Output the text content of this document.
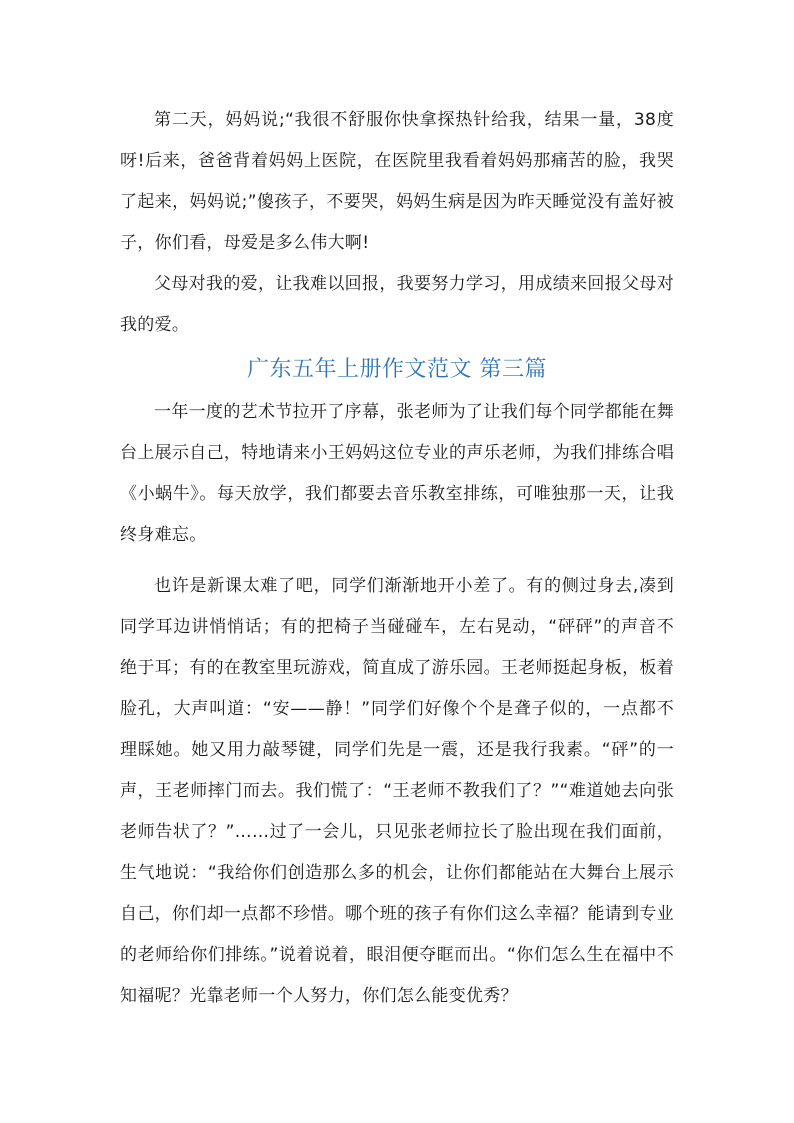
第二天，妈妈说;“我很不舒服你快拿探热针给我，结果一量，38度呀!后来，爸爸背着妈妈上医院，在医院里我看着妈妈那痛苦的脸，我哭了起来，妈妈说;”傻孩子，不要哭，妈妈生病是因为昨天睡觉没有盖好被子，你们看，母爱是多么伟大啊!

父母对我的爱，让我难以回报，我要努力学习，用成绩来回报父母对我的爱。

广东五年上册作文范文 第三篇

一年一度的艺术节拉开了序幕，张老师为了让我们每个同学都能在舞台上展示自己，特地请来小王妈妈这位专业的声乐老师，为我们排练合唱《小蜗牛》。每天放学，我们都要去音乐教室排练，可唯独那一天，让我终身难忘。

也许是新课太难了吧，同学们渐渐地开小差了。有的侧过身去,凑到同学耳边讲悄悄话；有的把椅子当碰碰车，左右晃动，“砰砰”的声音不绝于耳；有的在教室里玩游戏，简直成了游乐园。王老师挺起身板，板着脸孔，大声叫道：“安——静！”同学们好像个个是聋子似的，一点都不理睬她。她又用力敲琴键，同学们先是一震，还是我行我素。“砰”的一声，王老师摔门而去。我们慌了：“王老师不教我们了？”“难道她去向张老师告状了？”……过了一会儿，只见张老师拉长了脸出现在我们面前，生气地说：“我给你们创造那么多的机会，让你们都能站在大舞台上展示自己，你们却一点都不珍惜。哪个班的孩子有你们这么幸福？能请到专业的老师给你们排练。”说着说着，眼泪便夺眶而出。“你们怎么生在福中不知福呢？光靠老师一个人努力，你们怎么能变优秀？
